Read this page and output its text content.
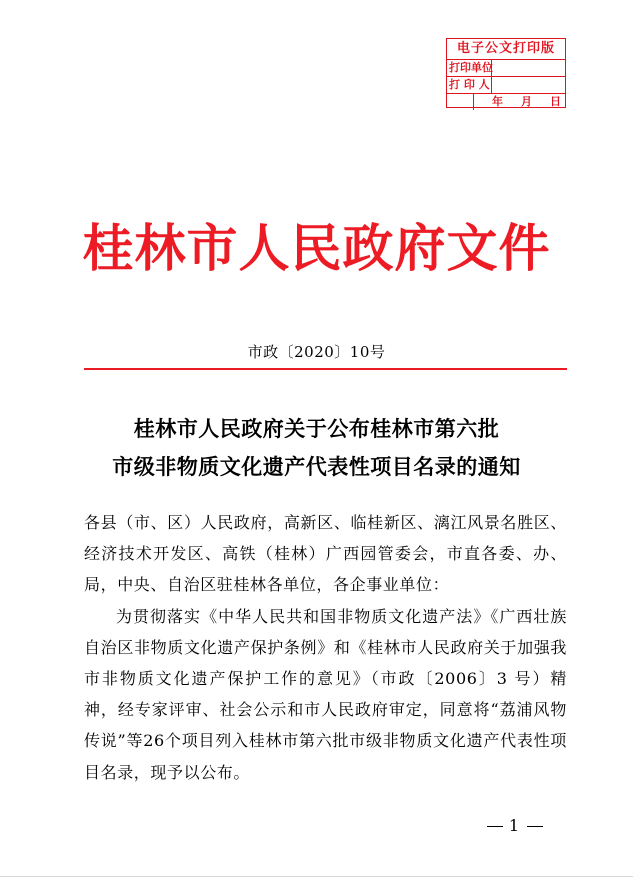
电子公文打印版
打印单位
打 印 人
年 月 日
桂林市人民政府文件
市政〔2020〕10号
桂林市人民政府关于公布桂林市第六批
市级非物质文化遗产代表性项目名录的通知

各县（市、区）人民政府，高新区、临桂新区、漓江风景名胜区、经济技术开发区、高铁（桂林）广西园管委会，市直各委、办、局，中央、自治区驻桂林各单位，各企事业单位：

为贯彻落实《中华人民共和国非物质文化遗产法》《广西壮族自治区非物质文化遗产保护条例》和《桂林市人民政府关于加强我市非物质文化遗产保护工作的意见》（市政〔2006〕3 号）精神，经专家评审、社会公示和市人民政府审定，同意将“荔浦风物传说”等26个项目列入桂林市第六批市级非物质文化遗产代表性项目名录，现予以公布。

1
